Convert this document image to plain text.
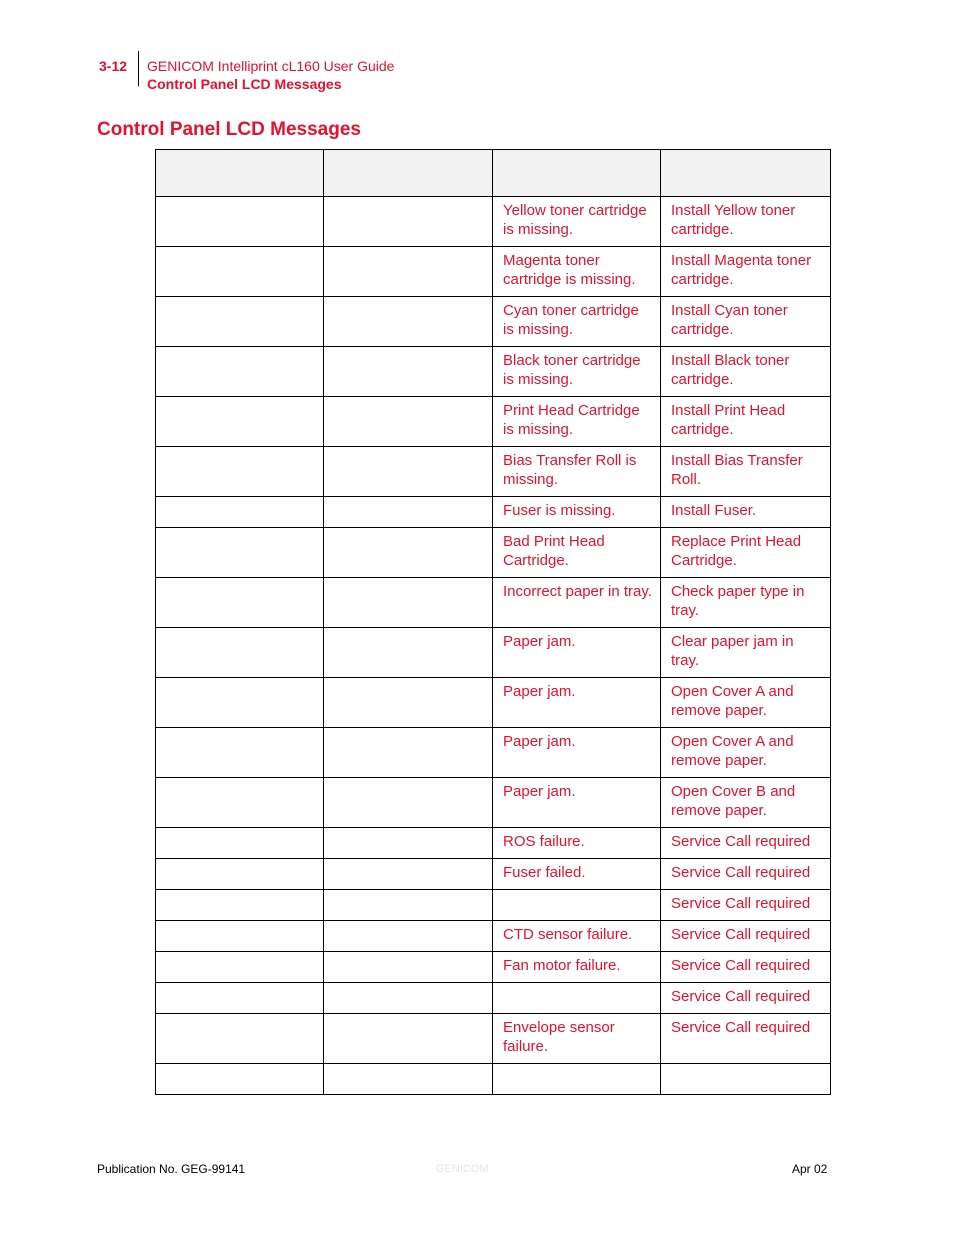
3-12 GENICOM Intelliprint cL160 User Guide
Control Panel LCD Messages
Control Panel LCD Messages

		Yellow toner cartridge is missing.	Install Yellow toner cartridge.
		Magenta toner cartridge is missing.	Install Magenta toner cartridge.
		Cyan toner cartridge is missing.	Install Cyan toner cartridge.
		Black toner cartridge is missing.	Install Black toner cartridge.
		Print Head Cartridge is missing.	Install Print Head cartridge.
		Bias Transfer Roll is missing.	Install Bias Transfer Roll.
		Fuser is missing.	Install Fuser.
		Bad Print Head Cartridge.	Replace Print Head Cartridge.
		Incorrect paper in tray.	Check paper type in tray.
		Paper jam.	Clear paper jam in tray.
		Paper jam.	Open Cover A and remove paper.
		Paper jam.	Open Cover A and remove paper.
		Paper jam.	Open Cover B and remove paper.
		ROS failure.	Service Call required
		Fuser failed.	Service Call required
			Service Call required
		CTD sensor failure.	Service Call required
		Fan motor failure.	Service Call required
			Service Call required
		Envelope sensor failure.	Service Call required

Publication No. GEG-99141	GENICOM	Apr 02
